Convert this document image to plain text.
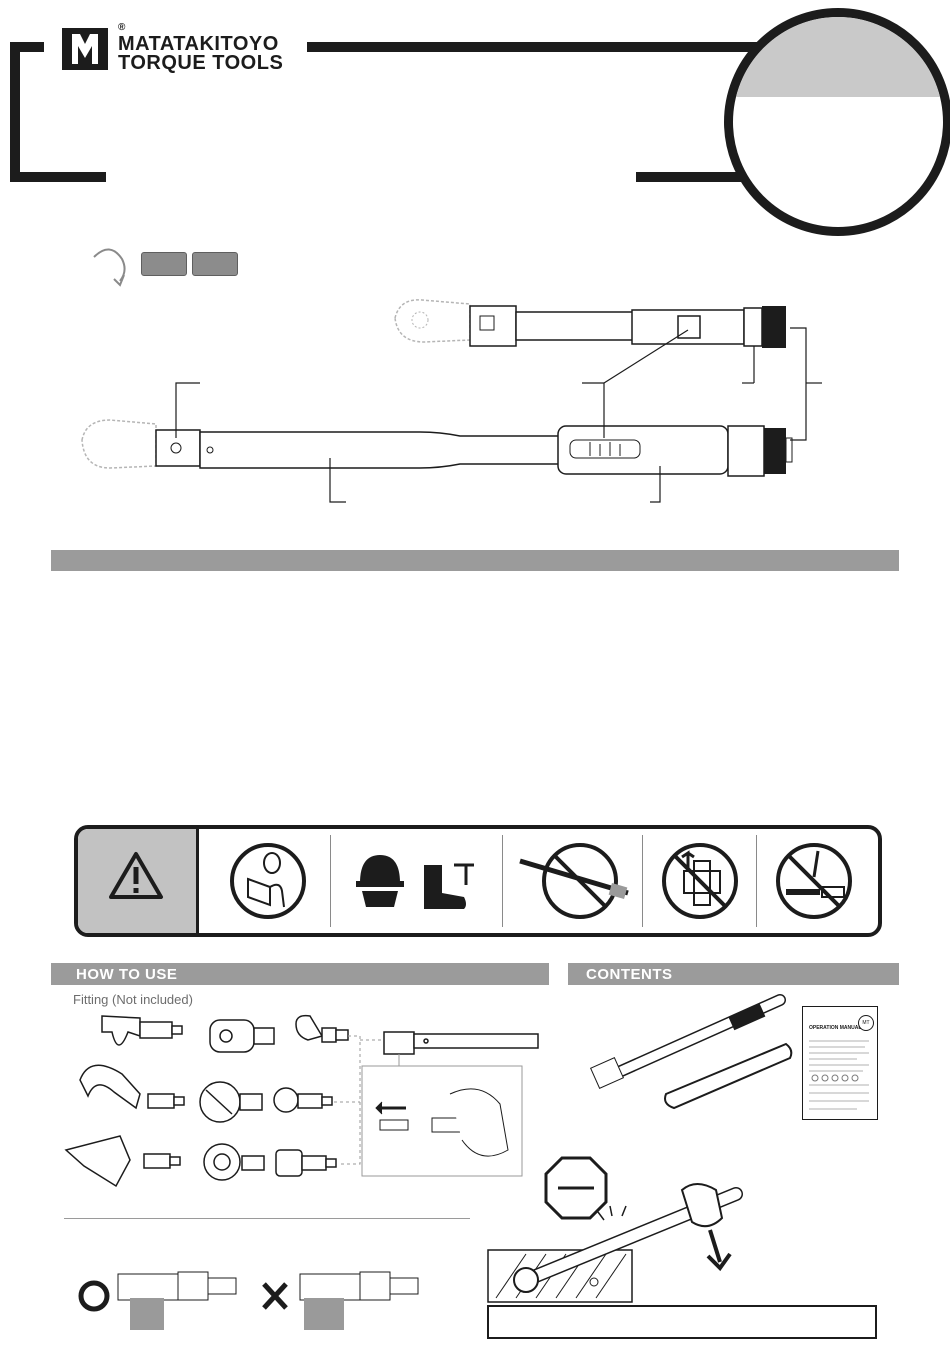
®
MATATAKITOYO
TORQUE TOOLS
HOW TO USE	CONTENTS
Fitting (Not included)
OPERATION MANUAL
MT
